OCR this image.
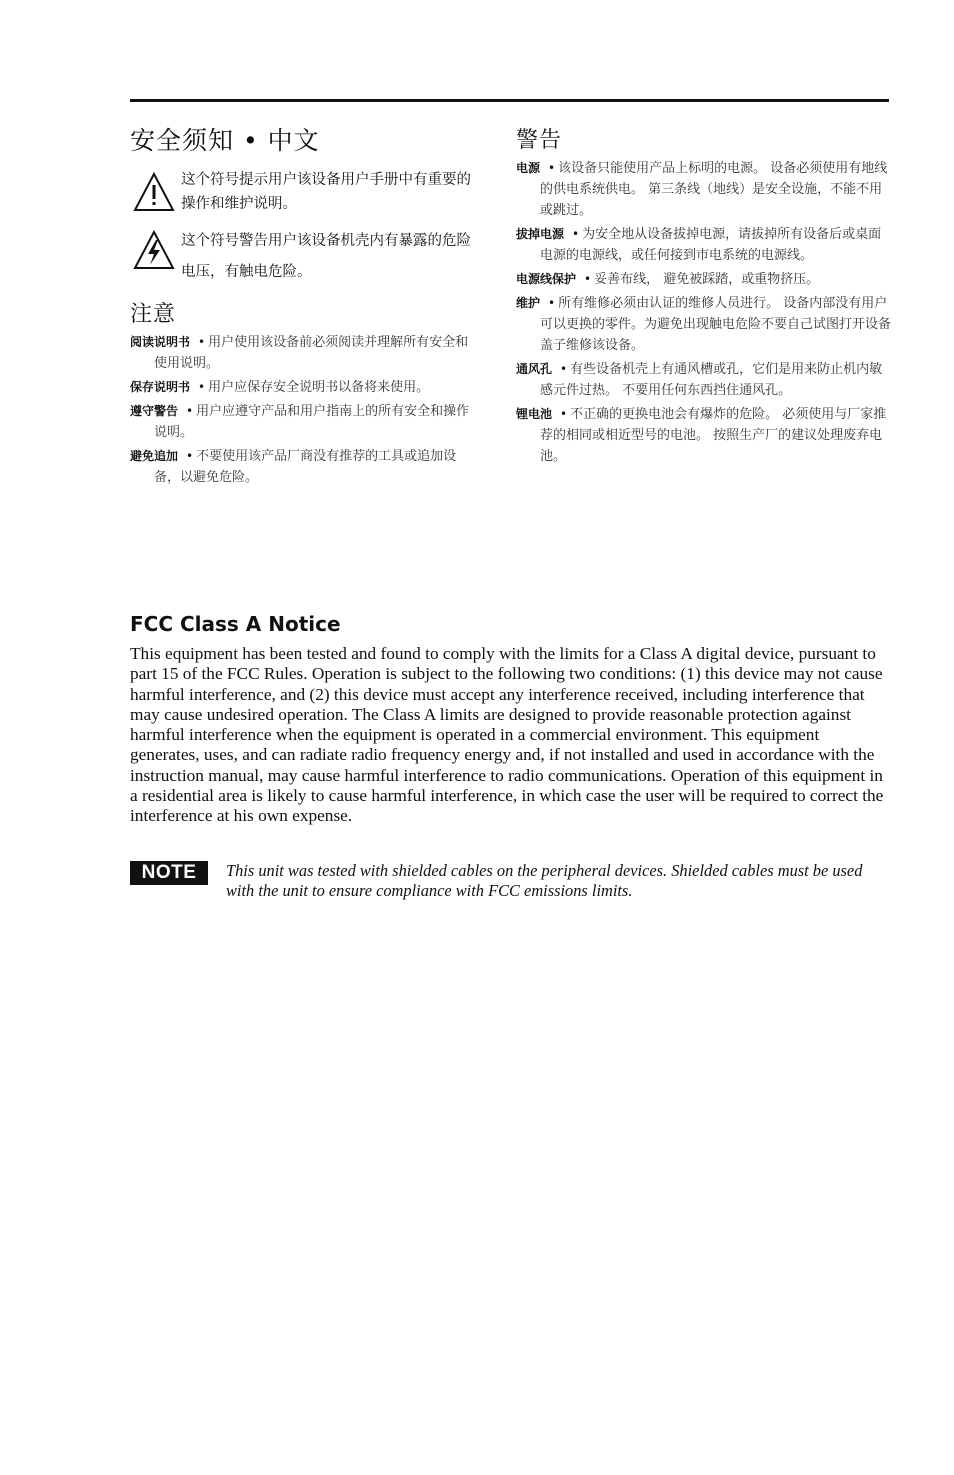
安全须知 • 中文
这个符号提示用户该设备用户手册中有重要的操作和维护说明。
这个符号警告用户该设备机壳内有暴露的危险电压，有触电危险。
注意
阅读说明书 • 用户使用该设备前必须阅读并理解所有安全和使用说明。
保存说明书 • 用户应保存安全说明书以备将来使用。
遵守警告 • 用户应遵守产品和用户指南上的所有安全和操作说明。
避免追加 • 不要使用该产品厂商没有推荐的工具或追加设备，以避免危险。
警告
电源 • 该设备只能使用产品上标明的电源。 设备必须使用有地线的供电系统供电。 第三条线（地线）是安全设施，不能不用或跳过。
拔掉电源 • 为安全地从设备拔掉电源，请拔掉所有设备后或桌面电源的电源线，或任何接到市电系统的电源线。
电源线保护 • 妥善布线， 避免被踩踏，或重物挤压。
维护 • 所有维修必须由认证的维修人员进行。 设备内部没有用户可以更换的零件。为避免出现触电危险不要自己试图打开设备盖子维修该设备。
通风孔 • 有些设备机壳上有通风槽或孔，它们是用来防止机内敏感元件过热。 不要用任何东西挡住通风孔。
锂电池 • 不正确的更换电池会有爆炸的危险。 必须使用与厂家推荐的相同或相近型号的电池。 按照生产厂的建议处理废弃电池。
FCC Class A Notice

This equipment has been tested and found to comply with the limits for a Class A digital device, pursuant to part 15 of the FCC Rules. Operation is subject to the following two conditions: (1) this device may not cause harmful interference, and (2) this device must accept any interference received, including interference that may cause undesired operation. The Class A limits are designed to provide reasonable protection against harmful interference when the equipment is operated in a commercial environment. This equipment generates, uses, and can radiate radio frequency energy and, if not installed and used in accordance with the instruction manual, may cause harmful interference to radio communications. Operation of this equipment in a residential area is likely to cause harmful interference, in which case the user will be required to correct the interference at his own expense.

NOTE	This unit was tested with shielded cables on the peripheral devices. Shielded cables must be used with the unit to ensure compliance with FCC emissions limits.
